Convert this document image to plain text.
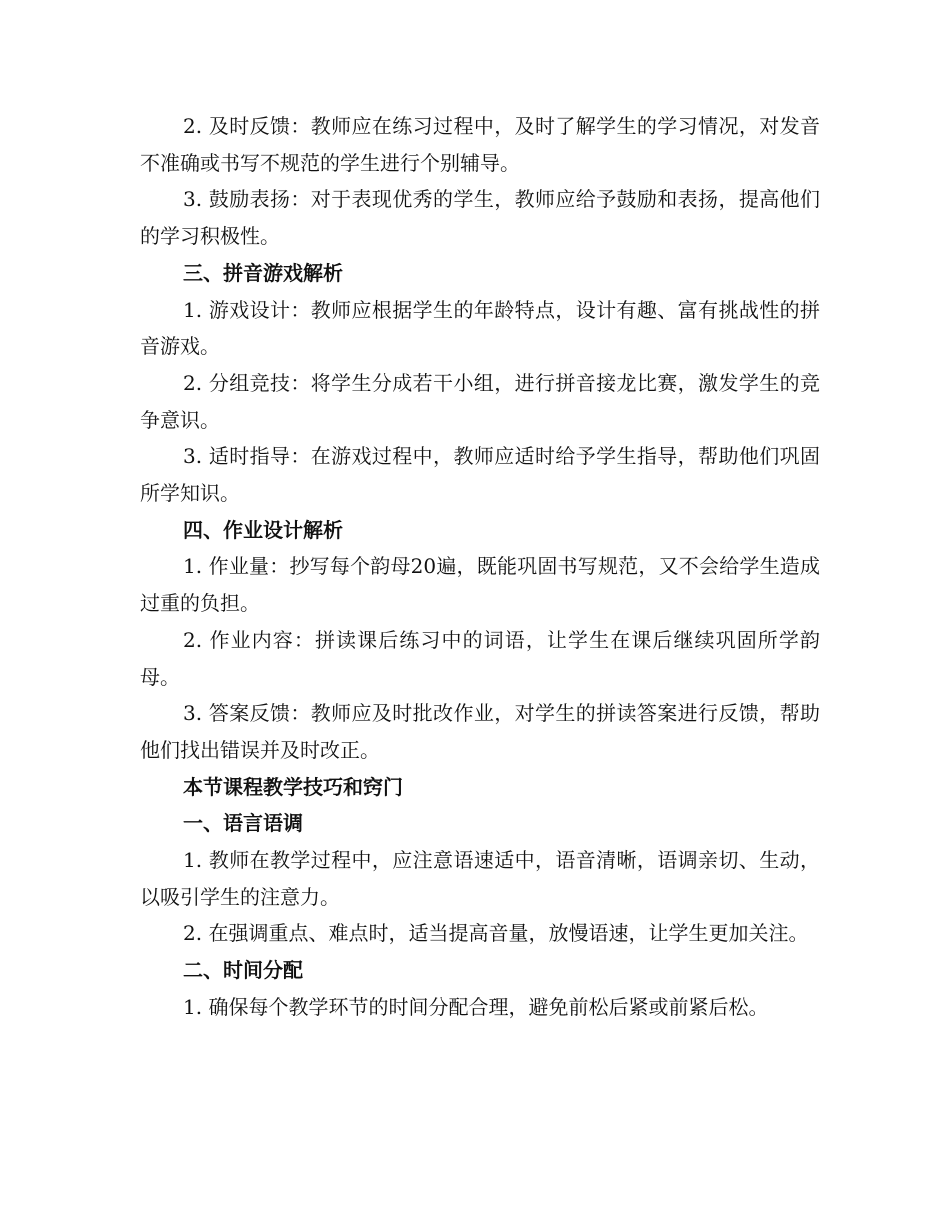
2. 及时反馈：教师应在练习过程中，及时了解学生的学习情况，对发音不准确或书写不规范的学生进行个别辅导。

3. 鼓励表扬：对于表现优秀的学生，教师应给予鼓励和表扬，提高他们的学习积极性。

三、拼音游戏解析

1. 游戏设计：教师应根据学生的年龄特点，设计有趣、富有挑战性的拼音游戏。

2. 分组竞技：将学生分成若干小组，进行拼音接龙比赛，激发学生的竞争意识。

3. 适时指导：在游戏过程中，教师应适时给予学生指导，帮助他们巩固所学知识。

四、作业设计解析

1. 作业量：抄写每个韵母20遍，既能巩固书写规范，又不会给学生造成过重的负担。

2. 作业内容：拼读课后练习中的词语，让学生在课后继续巩固所学韵母。

3. 答案反馈：教师应及时批改作业，对学生的拼读答案进行反馈，帮助他们找出错误并及时改正。

本节课程教学技巧和窍门

一、语言语调

1. 教师在教学过程中，应注意语速适中，语音清晰，语调亲切、生动，以吸引学生的注意力。

2. 在强调重点、难点时，适当提高音量，放慢语速，让学生更加关注。

二、时间分配

1. 确保每个教学环节的时间分配合理，避免前松后紧或前紧后松。
